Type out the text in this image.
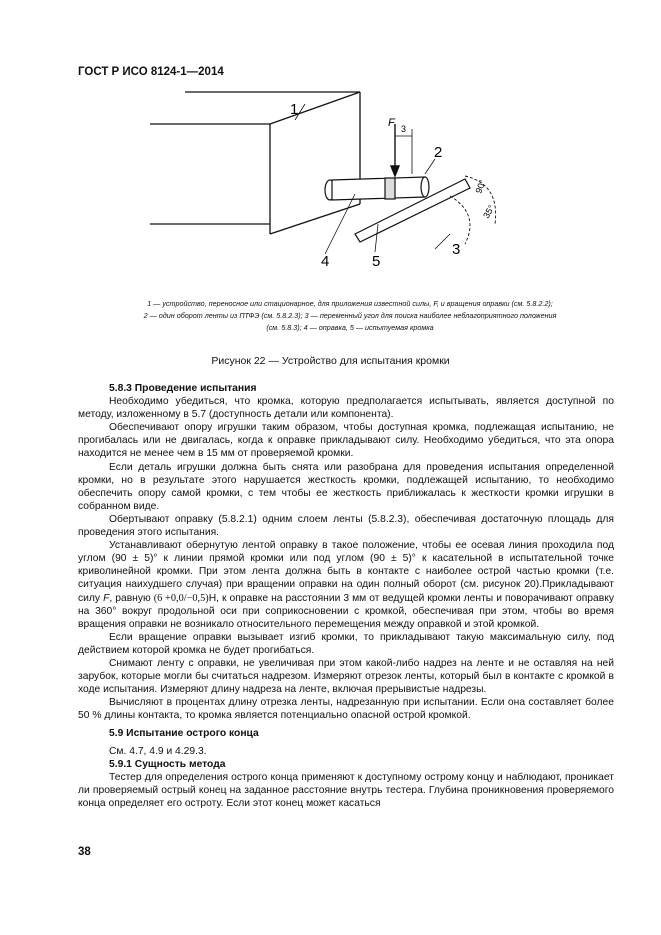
ГОСТ Р ИСО 8124-1—2014
1
F 3
2
90°
35°
3
4	5
1 — устройство, переносное или стационарное, для приложения известной силы, F, и вращения оправки (см. 5.8.2.2);
2 — один оборот ленты из ПТФЭ (см. 5.8.2.3); 3 — переменный угол для поиска наиболее неблагоприятного положения
(см. 5.8.3); 4 — оправка, 5 — испытуемая кромка
Рисунок 22 — Устройство для испытания кромки

5.8.3 Проведение испытания

Необходимо убедиться, что кромка, которую предполагается испытывать, является доступной по методу, изложенному в 5.7 (доступность детали или компонента).

Обеспечивают опору игрушки таким образом, чтобы доступная кромка, подлежащая испытанию, не прогибалась или не двигалась, когда к оправке прикладывают силу. Необходимо убедиться, что эта опора находится не менее чем в 15 мм от проверяемой кромки.

Если деталь игрушки должна быть снята или разобрана для проведения испытания определенной кромки, но в результате этого нарушается жесткость кромки, подлежащей испытанию, то необходимо обеспечить опору самой кромки, с тем чтобы ее жесткость приближалась к жесткости кромки игрушки в собранном виде.

Обертывают оправку (5.8.2.1) одним слоем ленты (5.8.2.3), обеспечивая достаточную площадь для проведения этого испытания.

Устанавливают обернутую лентой оправку в такое положение, чтобы ее осевая линия проходила под углом (90 ± 5)° к линии прямой кромки или под углом (90 ± 5)° к касательной в испытательной точке криволинейной кромки. При этом лента должна быть в контакте с наиболее острой частью кромки (т.е. ситуация наихудшего случая) при вращении оправки на один полный оборот (см. рисунок 20).Прикладывают силу F, равную (6 +0,0/−0,5)Н, к оправке на расстоянии 3 мм от ведущей кромки ленты и поворачивают оправку на 360° вокруг продольной оси при соприкосновении с кромкой, обеспечивая при этом, чтобы во время вращения оправки не возникало относительного перемещения между оправкой и этой кромкой.

Если вращение оправки вызывает изгиб кромки, то прикладывают такую максимальную силу, под действием которой кромка не будет прогибаться.

Снимают ленту с оправки, не увеличивая при этом какой-либо надрез на ленте и не оставляя на ней зарубок, которые могли бы считаться надрезом. Измеряют отрезок ленты, который был в контакте с кромкой в ходе испытания. Измеряют длину надреза на ленте, включая прерывистые надрезы.

Вычисляют в процентах длину отрезка ленты, надрезанную при испытании. Если она составляет более 50 % длины контакта, то кромка является потенциально опасной острой кромкой.

5.9 Испытание острого конца

См. 4.7, 4.9 и 4.29.3.

5.9.1 Сущность метода

Тестер для определения острого конца применяют к доступному острому концу и наблюдают, проникает ли проверяемый острый конец на заданное расстояние внутрь тестера. Глубина проникновения проверяемого конца определяет его остроту. Если этот конец может касаться

38
